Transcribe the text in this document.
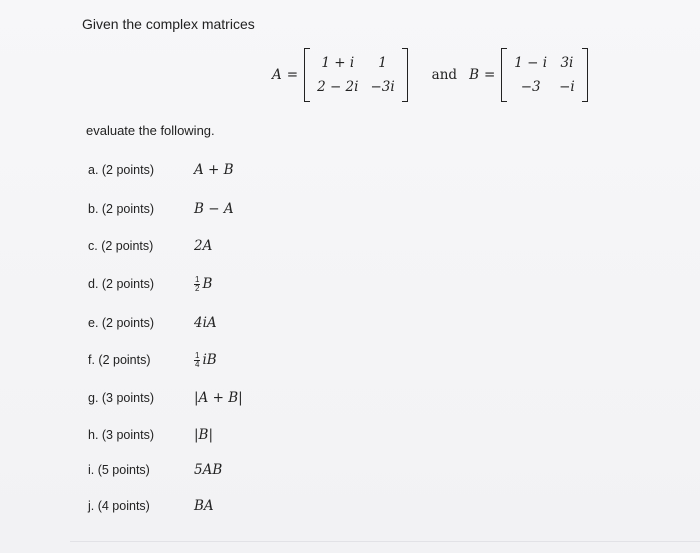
Given the complex matrices
A =
1 + i	1
2 − 2i	−3i
and B =
1 − i	3i
−3	−i
evaluate the following.
a. (2 points)	A + B
b. (2 points)	B − A
c. (2 points)	2A
d. (2 points)	$\frac{1}{2}$ B
e. (2 points)	4iA
f. (2 points)	$\frac{1}{4}$ iB
g. (3 points)	|A + B|
h. (3 points)	|B|
i. (5 points)	5AB
j. (4 points)	BA
